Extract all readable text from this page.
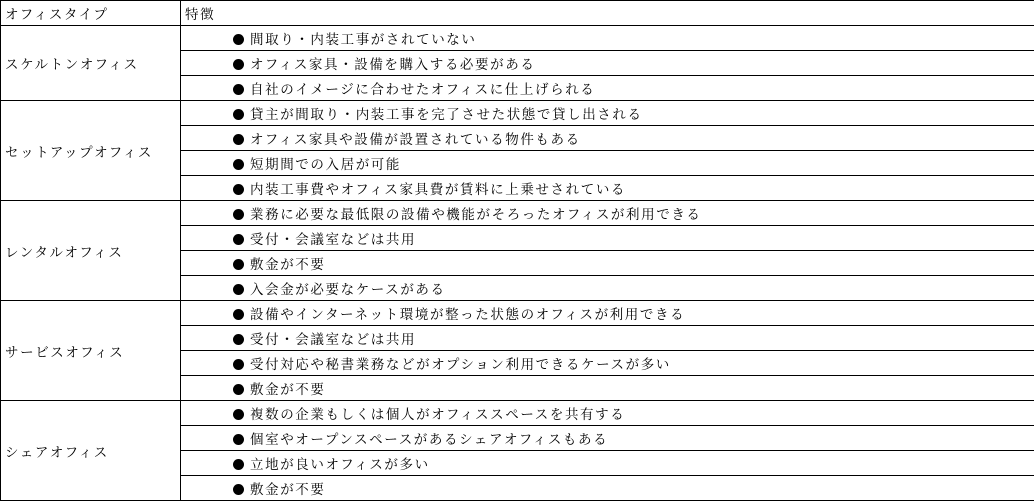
オフィスタイプ	特徴
スケルトンオフィス	間取り・内装工事がされていない
	オフィス家具・設備を購入する必要がある
	自社のイメージに合わせたオフィスに仕上げられる
セットアップオフィス	貸主が間取り・内装工事を完了させた状態で貸し出される
	オフィス家具や設備が設置されている物件もある
	短期間での入居が可能
	内装工事費やオフィス家具費が賃料に上乗せされている
レンタルオフィス	業務に必要な最低限の設備や機能がそろったオフィスが利用できる
	受付・会議室などは共用
	敷金が不要
	入会金が必要なケースがある
サービスオフィス	設備やインターネット環境が整った状態のオフィスが利用できる
	受付・会議室などは共用
	受付対応や秘書業務などがオプション利用できるケースが多い
	敷金が不要
シェアオフィス	複数の企業もしくは個人がオフィススペースを共有する
	個室やオープンスペースがあるシェアオフィスもある
	立地が良いオフィスが多い
	敷金が不要
